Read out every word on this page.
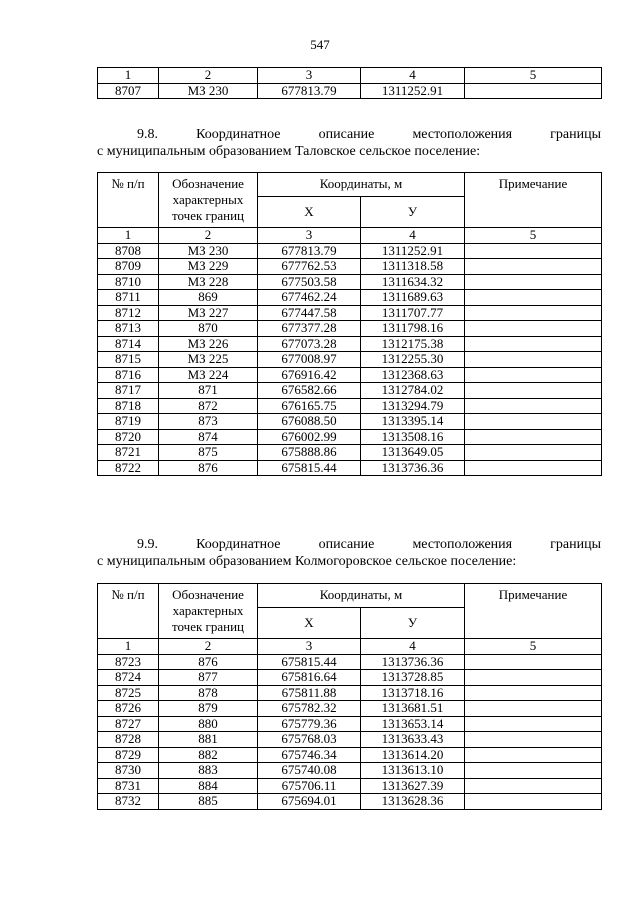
547
1	2	3	4	5
8707	МЗ 230	677813.79	1311252.91	
9.8.	Координатное	описание	местоположения	границы
с муниципальным образованием Таловское сельское поселение:
№ п/п	Обозначение характерных точек границ	Координаты, м		Примечание
		Х	У	
1	2	3	4	5
8708	МЗ 230	677813.79	1311252.91	
8709	МЗ 229	677762.53	1311318.58	
8710	МЗ 228	677503.58	1311634.32	
8711	869	677462.24	1311689.63	
8712	МЗ 227	677447.58	1311707.77	
8713	870	677377.28	1311798.16	
8714	МЗ 226	677073.28	1312175.38	
8715	МЗ 225	677008.97	1312255.30	
8716	МЗ 224	676916.42	1312368.63	
8717	871	676582.66	1312784.02	
8718	872	676165.75	1313294.79	
8719	873	676088.50	1313395.14	
8720	874	676002.99	1313508.16	
8721	875	675888.86	1313649.05	
8722	876	675815.44	1313736.36	
9.9.	Координатное	описание	местоположения	границы
с муниципальным образованием Колмогоровское сельское поселение:
№ п/п	Обозначение характерных точек границ	Координаты, м		Примечание
		Х	У	
1	2	3	4	5
8723	876	675815.44	1313736.36	
8724	877	675816.64	1313728.85	
8725	878	675811.88	1313718.16	
8726	879	675782.32	1313681.51	
8727	880	675779.36	1313653.14	
8728	881	675768.03	1313633.43	
8729	882	675746.34	1313614.20	
8730	883	675740.08	1313613.10	
8731	884	675706.11	1313627.39	
8732	885	675694.01	1313628.36	
